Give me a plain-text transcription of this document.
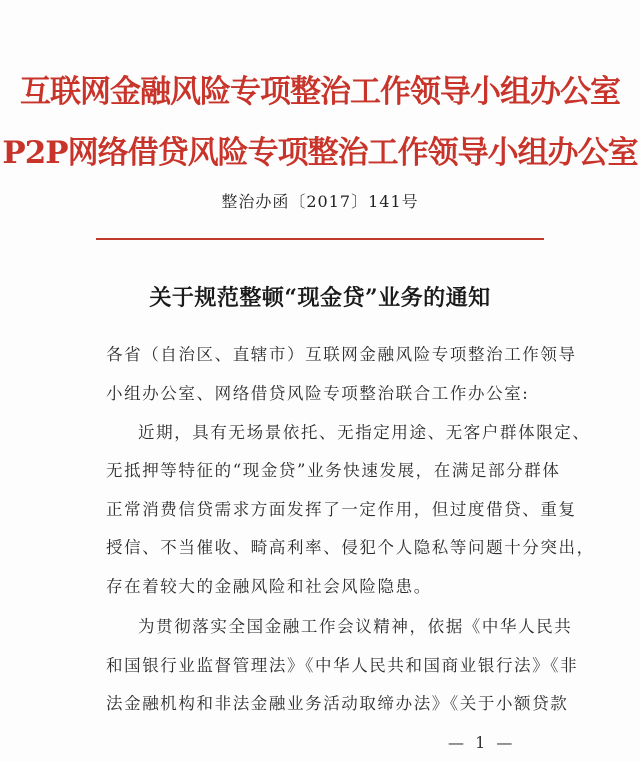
互联网金融风险专项整治工作领导小组办公室
P2P网络借贷风险专项整治工作领导小组办公室
整治办函〔2017〕141号
关于规范整顿“现金贷”业务的通知
各省（自治区、直辖市）互联网金融风险专项整治工作领导
小组办公室、网络借贷风险专项整治联合工作办公室:
近期，具有无场景依托、无指定用途、无客户群体限定、
无抵押等特征的“现金贷”业务快速发展，在满足部分群体
正常消费信贷需求方面发挥了一定作用，但过度借贷、重复
授信、不当催收、畸高利率、侵犯个人隐私等问题十分突出，
存在着较大的金融风险和社会风险隐患。
为贯彻落实全国金融工作会议精神，依据《中华人民共
和国银行业监督管理法》《中华人民共和国商业银行法》《非
法金融机构和非法金融业务活动取缔办法》《关于小额贷款
— 1 —
